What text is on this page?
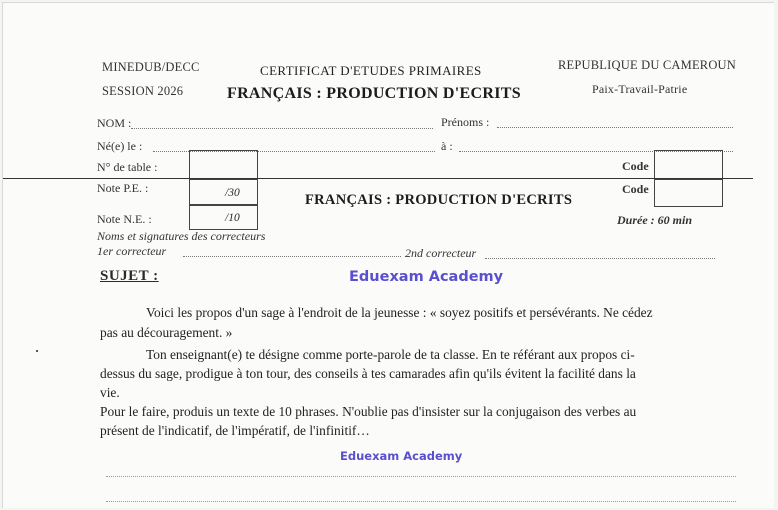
MINEDUB/DECC
SESSION 2026
CERTIFICAT D'ETUDES PRIMAIRES
FRANÇAIS : PRODUCTION D'ECRITS
REPUBLIQUE DU CAMEROUN
Paix-Travail-Patrie
NOM :	Prénoms :
Né(e) le :	à :
N° de table :	Code
Note P.E. :	/30	FRANÇAIS : PRODUCTION D'ECRITS
Code
Note N.E. :	/10	Durée : 60 min
Noms et signatures des correcteurs
1er correcteur	2nd correcteur
SUJET :	Eduexam Academy
Voici les propos d'un sage à l'endroit de la jeunesse : « soyez positifs et persévérants. Ne cédez
pas au découragement. »
Ton enseignant(e) te désigne comme porte-parole de ta classe. En te référant aux propos ci-
dessus du sage, prodigue à ton tour, des conseils à tes camarades afin qu'ils évitent la facilité dans la
vie.
Pour le faire, produis un texte de 10 phrases. N'oublie pas d'insister sur la conjugaison des verbes au
présent de l'indicatif, de l'impératif, de l'infinitif…
Eduexam Academy
